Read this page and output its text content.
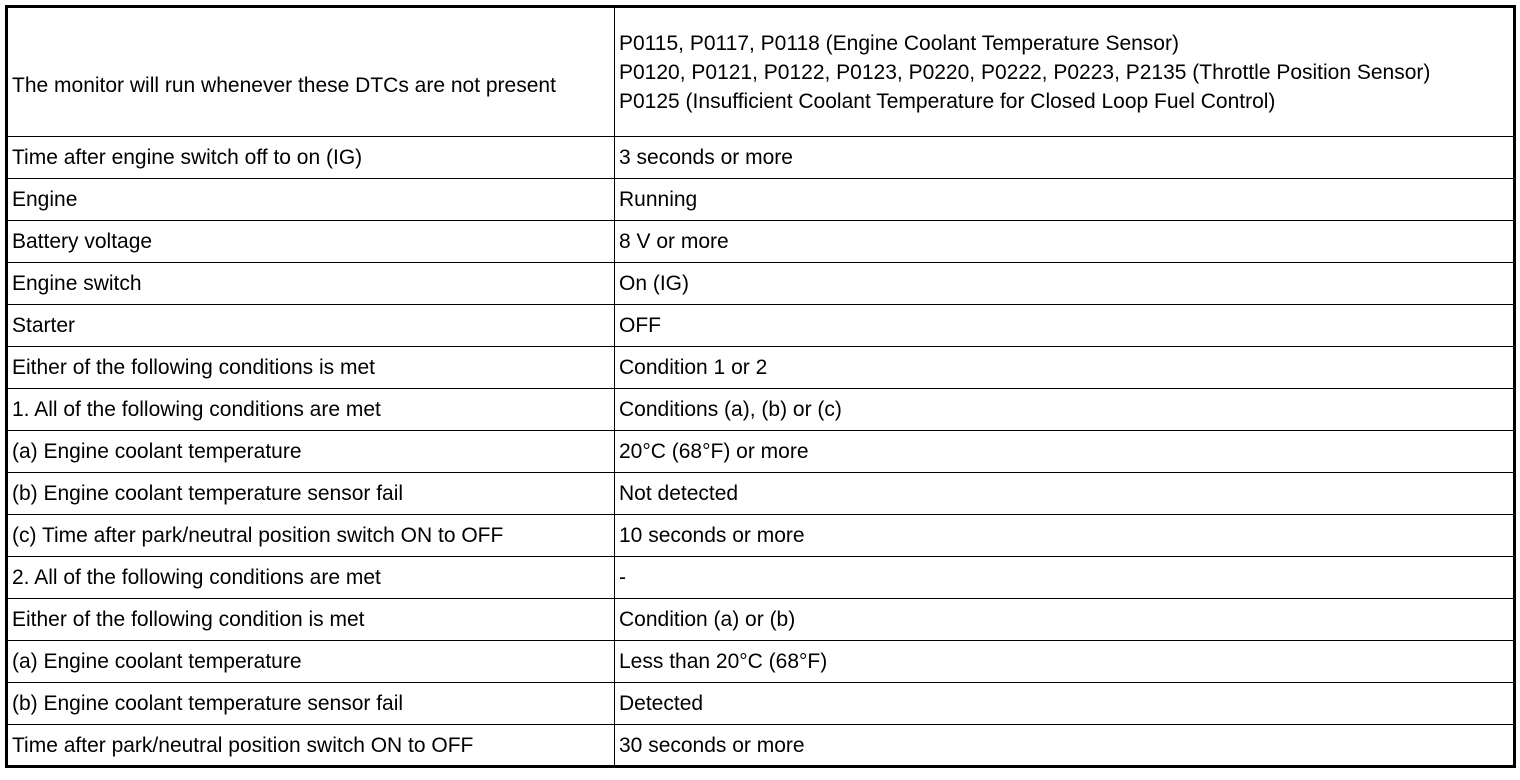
The monitor will run whenever these DTCs are not present	P0115, P0117, P0118 (Engine Coolant Temperature Sensor)
P0120, P0121, P0122, P0123, P0220, P0222, P0223, P2135 (Throttle Position Sensor)
P0125 (Insufficient Coolant Temperature for Closed Loop Fuel Control)

Time after engine switch off to on (IG)	3 seconds or more
Engine	Running
Battery voltage	8 V or more
Engine switch	On (IG)
Starter	OFF
Either of the following conditions is met	Condition 1 or 2
1. All of the following conditions are met	Conditions (a), (b) or (c)
(a) Engine coolant temperature	20°C (68°F) or more
(b) Engine coolant temperature sensor fail	Not detected
(c) Time after park/neutral position switch ON to OFF	10 seconds or more
2. All of the following conditions are met	-
Either of the following condition is met	Condition (a) or (b)
(a) Engine coolant temperature	Less than 20°C (68°F)
(b) Engine coolant temperature sensor fail	Detected
Time after park/neutral position switch ON to OFF	30 seconds or more
